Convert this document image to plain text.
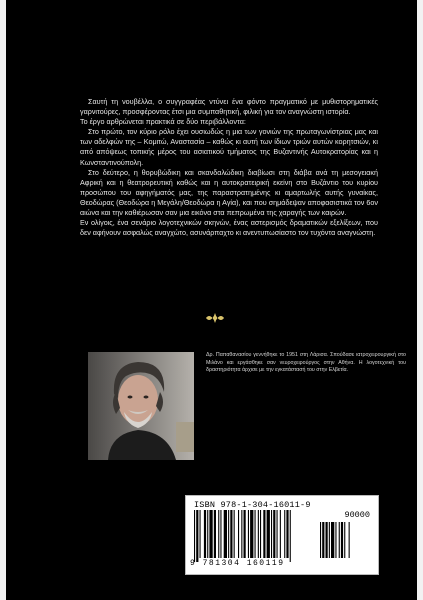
Σαυτή τη νουβέλλα, ο συγγραφέας ντύνει ένα φόντο πραγματικό με μυθιστορηματικές γαρνιτούρες, προσφέροντας έτσι μια συμπαθητική, φιλική για τον αναγνώστη ιστορία.

Το έργο αρθρώνεται πρακτικά σε δύο περιβάλλοντα:

Στο πρώτο, τον κύριο ρόλο έχει ουσιωδώς η μια των γονιών της πρωταγωνίστριας μας και των αδελφών της – Κομιτώ, Αναστασία – καθώς κι αυτή των ίδιων τριών αυτών κορητσιών, κι από απόψεως τοπικής μέρος του ασιατικού τμήματος της Βυζαντινής Αυτοκρατορίας και η Κωνσταντινούπολη.

Στο δεύτερο, η θορυβώδικη και σκανδαλώδικη διαβίωσι στη διάβα ανά τη μεσογειακή Αφρική και η θεατρορευτική καθώς και η αυτοκρατειρική εκείνη στο Βυζάντιο του κυρίου προσώπου του αφηγήματός μας, της παραστρατημένης κι αμαρτωλής αυτής γυναίκας, Θεοδώρας (Θεοδώρα η Μεγάλη/Θεοδώρα η Αγία), και που σημάδεψαν αποφασιστικά τον 6ον αιώνα και την καθιέρωσαν σαν μια εικόνα στα πεπρωμένα της χαραγής των καιρών.

Εν ολίγοις, ένα σενάριο λογοτεχνικών σκηνών, ένας αστερισμός δραματικών εξελίξεων, που δεν αφήνουν ασφαλώς αναγχώτο, ασυνάρπαχτο κι ανεντυπωσίαστο τον τυχόντα αναγνώστη.

Δρ. Παπαθανασίου γεννήθηκε το 1951 στη Λάρισα. Σπούδασε ιατροχειρουργική στο Μιλάνο και εργάσθηκε σαν νευροχειρούργος στην Αθήνα. Η λογοτεχνική του δραστηριότητα άρχισε με την εγκατάστασή του στην Ελβετία.
ISBN 978-1-304-16011-9
90000
9 781304 160119
